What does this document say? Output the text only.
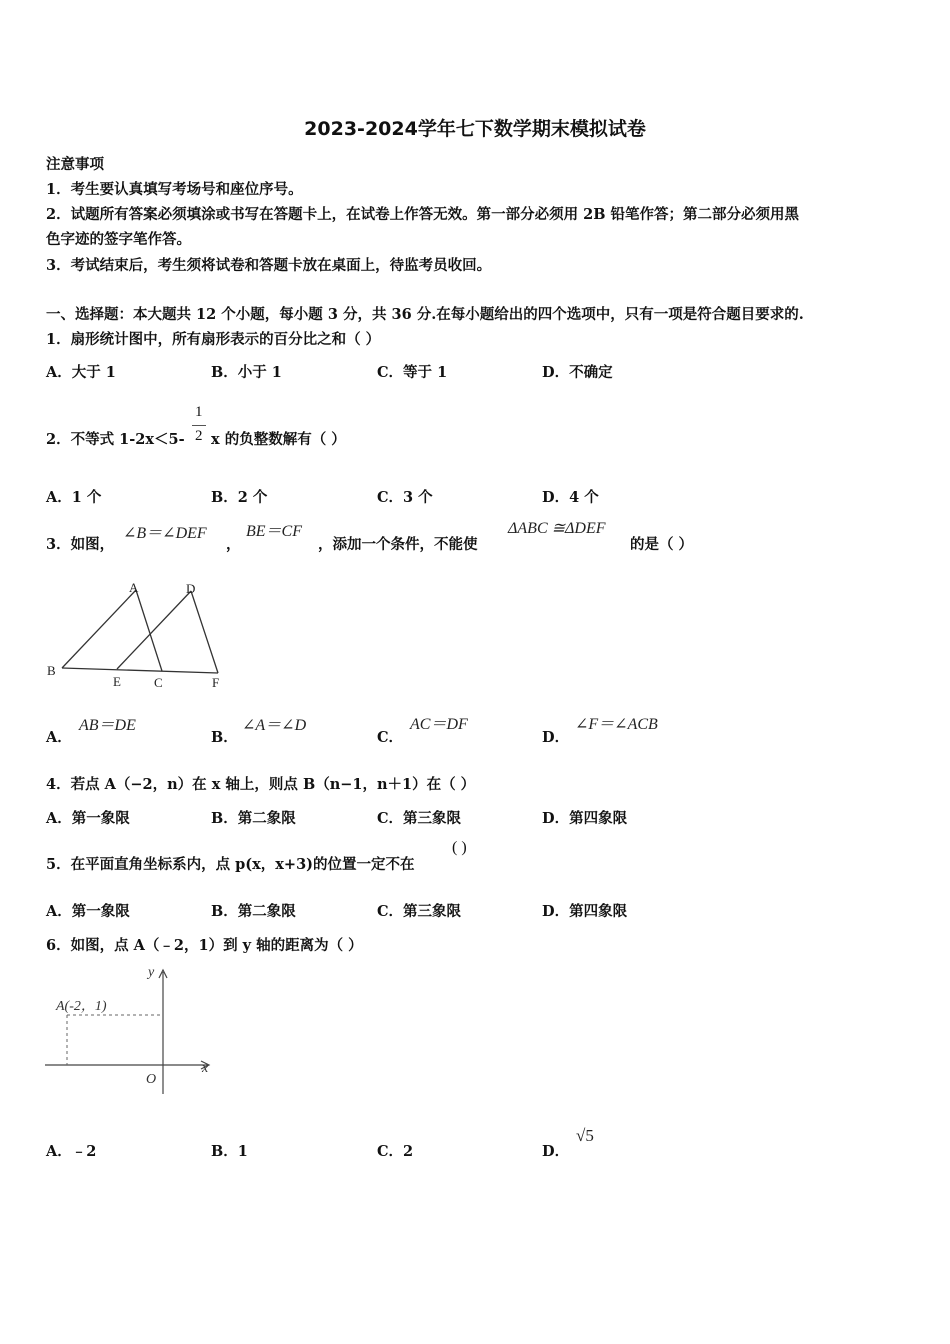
2023-2024学年七下数学期末模拟试卷
注意事项
1．考生要认真填写考场号和座位序号。
2．试题所有答案必须填涂或书写在答题卡上，在试卷上作答无效。第一部分必须用 2B 铅笔作答；第二部分必须用黑
色字迹的签字笔作答。
3．考试结束后，考生须将试卷和答题卡放在桌面上，待监考员收回。
一、选择题：本大题共 12 个小题，每小题 3 分，共 36 分.在每小题给出的四个选项中，只有一项是符合题目要求的.
1．扇形统计图中，所有扇形表示的百分比之和（ ）
A．大于 1	B．小于 1	C．等于 1	D．不确定
2．不等式 1-2x＜5-
1
2 x 的负整数解有（ ）
A．1 个	B．2 个	C．3 个	D．4 个
3．如图，
∠B＝∠DEF
，
BE＝CF
，添加一个条件，不能使
ΔABC ≅ΔDEF
的是（ ）
A	D
B
E	C	F
A．
AB＝DE
B．
∠A＝∠D
C．
AC＝DF
D．
∠F＝∠ACB
4．若点 A（−2，n）在 x 轴上，则点 B（n−1，n＋1）在（ ）
A．第一象限	B．第二象限	C．第三象限	D．第四象限
5．在平面直角坐标系内，点 p(x，x+3)的位置一定不在
( )
A．第一象限	B．第二象限	C．第三象限	D．第四象限
6．如图，点 A（﹣2，1）到 y 轴的距离为（ ）
A(-2，1)
y
x
O
A．﹣2	B．1	C．2	D．
√5
